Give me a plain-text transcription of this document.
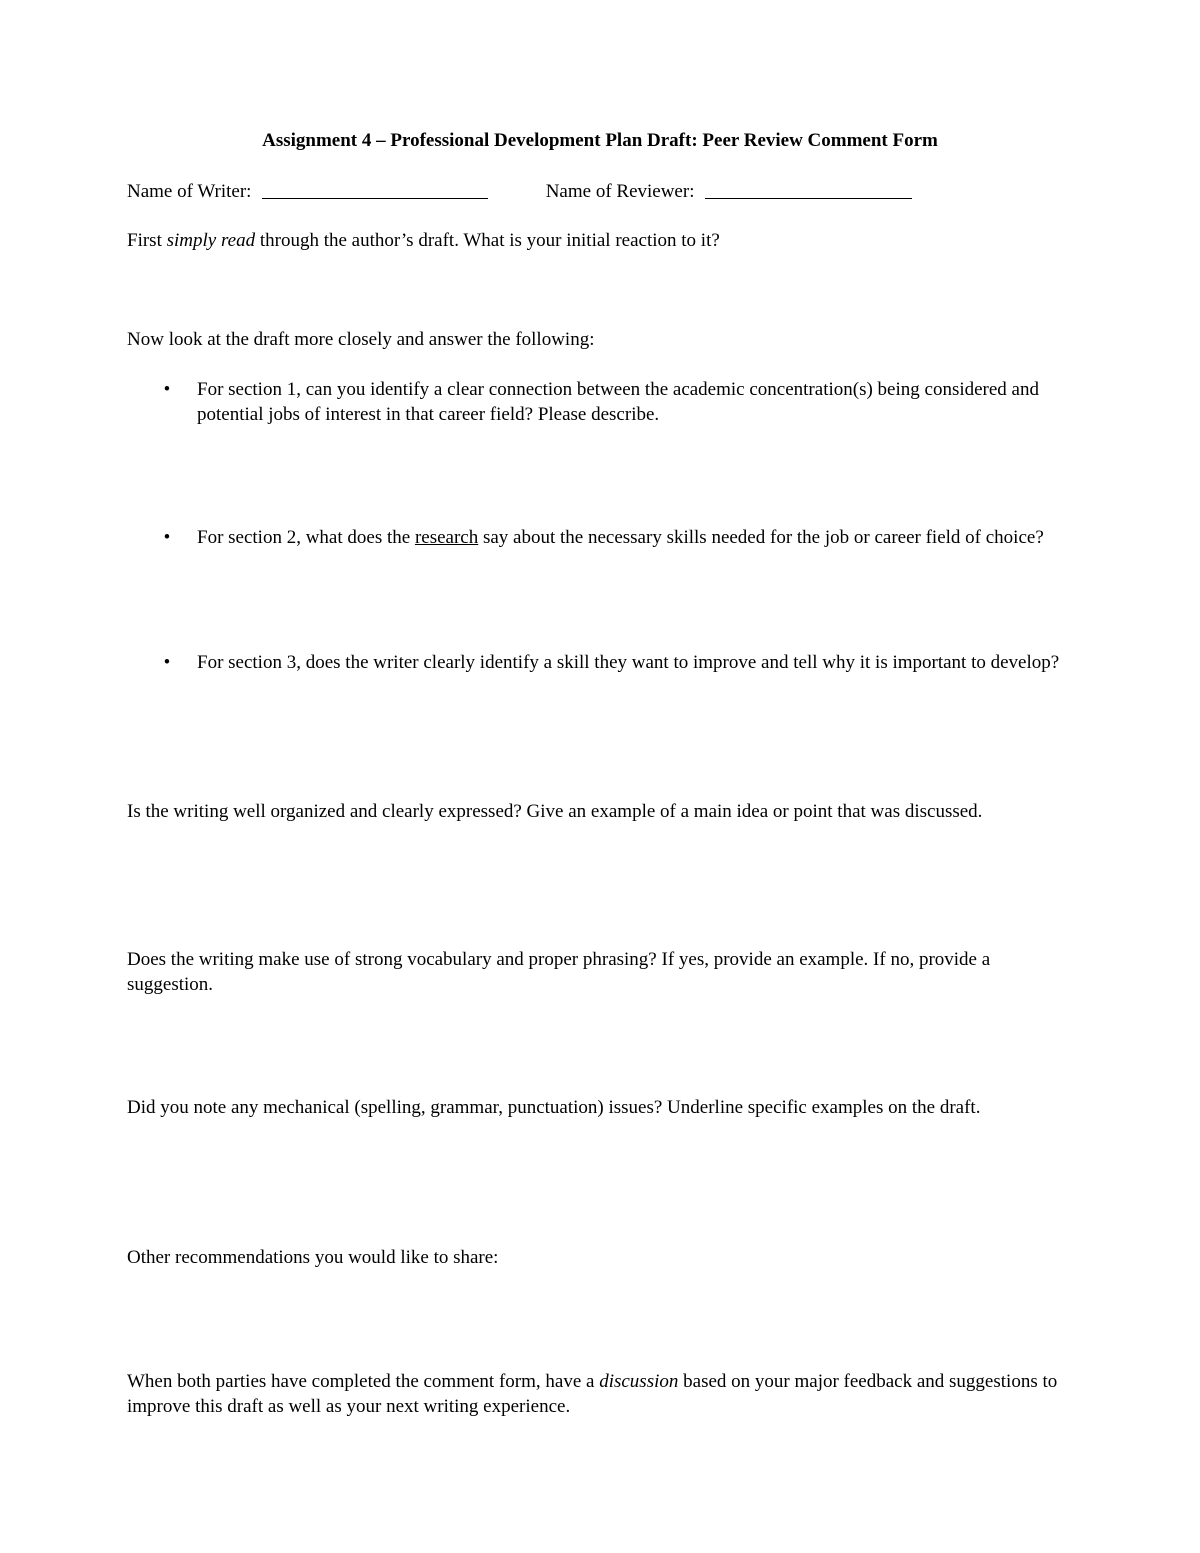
Assignment 4 – Professional Development Plan Draft: Peer Review Comment Form

Name of Writer:	Name of Reviewer:

First simply read through the author’s draft. What is your initial reaction to it?

Now look at the draft more closely and answer the following:

• For section 1, can you identify a clear connection between the academic concentration(s) being considered and potential jobs of interest in that career field? Please describe.

• For section 2, what does the research say about the necessary skills needed for the job or career field of choice?

• For section 3, does the writer clearly identify a skill they want to improve and tell why it is important to develop?

Is the writing well organized and clearly expressed? Give an example of a main idea or point that was discussed.

Does the writing make use of strong vocabulary and proper phrasing? If yes, provide an example. If no, provide a suggestion.

Did you note any mechanical (spelling, grammar, punctuation) issues? Underline specific examples on the draft.

Other recommendations you would like to share:

When both parties have completed the comment form, have a discussion based on your major feedback and suggestions to improve this draft as well as your next writing experience.
